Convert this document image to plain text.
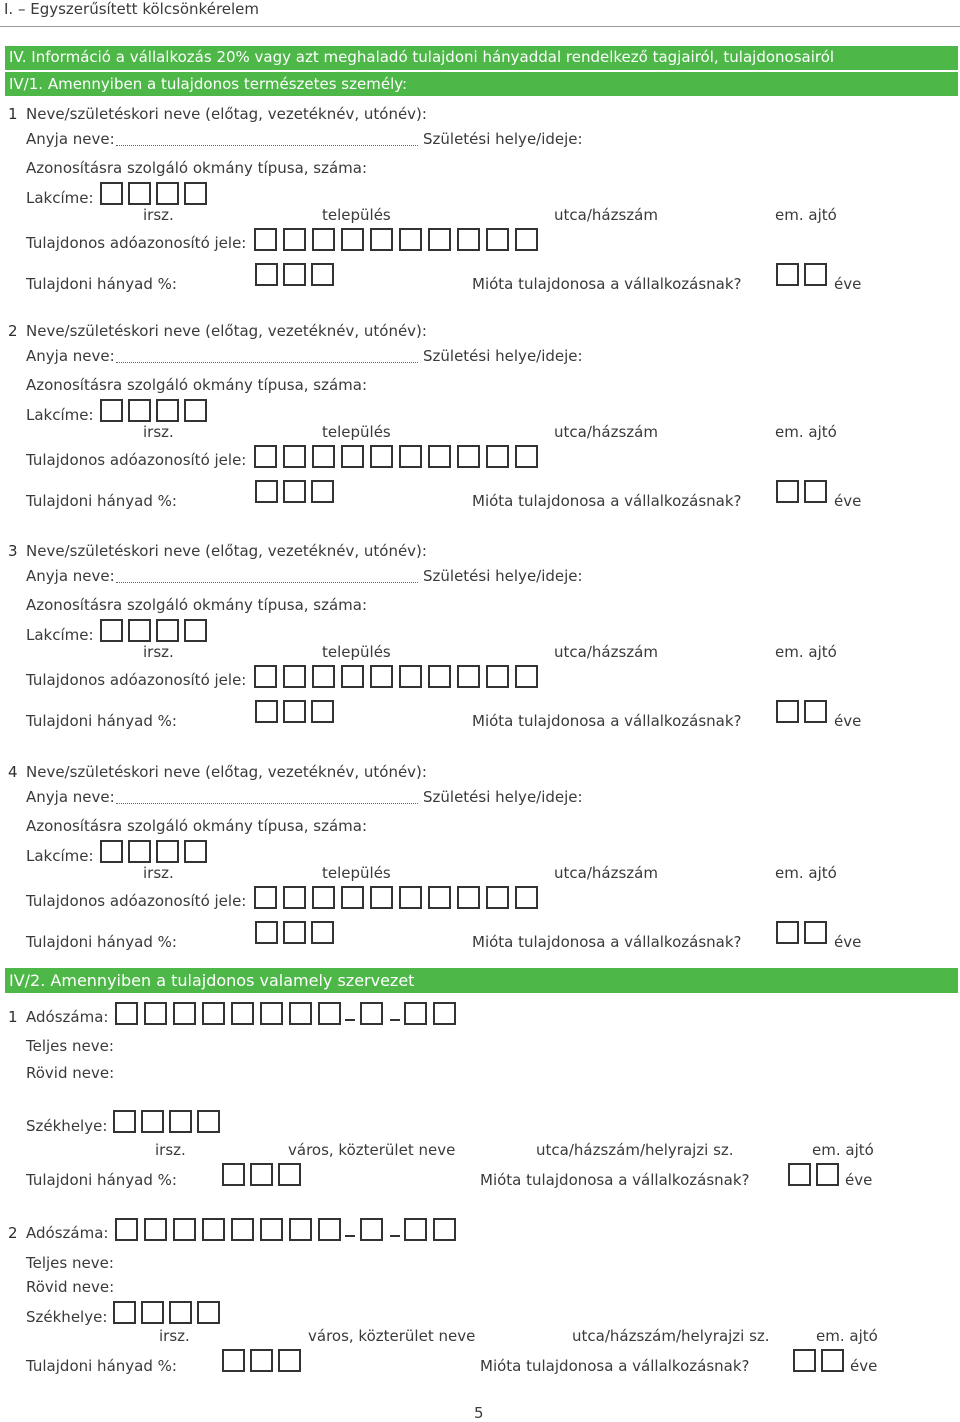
I. – Egyszerűsített kölcsönkérelem
IV. Információ a vállalkozás 20% vagy azt meghaladó tulajdoni hányaddal rendelkező tagjairól, tulajdonosairól
IV/1. Amennyiben a tulajdonos természetes személy:
1 Neve/születéskori neve (előtag, vezetéknév, utónév):
Anyja neve:	Születési helye/ideje:
Azonosításra szolgáló okmány típusa, száma:
Lakcíme:
irsz.	település	utca/házszám	em. ajtó
Tulajdonos adóazonosító jele:
Tulajdoni hányad %:	Mióta tulajdonosa a vállalkozásnak?	éve
2 Neve/születéskori neve (előtag, vezetéknév, utónév):
Anyja neve:	Születési helye/ideje:
Azonosításra szolgáló okmány típusa, száma:
Lakcíme:
irsz.	település	utca/házszám	em. ajtó
Tulajdonos adóazonosító jele:
Tulajdoni hányad %:	Mióta tulajdonosa a vállalkozásnak?	éve
3 Neve/születéskori neve (előtag, vezetéknév, utónév):
Anyja neve:	Születési helye/ideje:
Azonosításra szolgáló okmány típusa, száma:
Lakcíme:
irsz.	település	utca/házszám	em. ajtó
Tulajdonos adóazonosító jele:
Tulajdoni hányad %:	Mióta tulajdonosa a vállalkozásnak?	éve
4 Neve/születéskori neve (előtag, vezetéknév, utónév):
Anyja neve:	Születési helye/ideje:
Azonosításra szolgáló okmány típusa, száma:
Lakcíme:
irsz.	település	utca/házszám	em. ajtó
Tulajdonos adóazonosító jele:
Tulajdoni hányad %:	Mióta tulajdonosa a vállalkozásnak?	éve
IV/2. Amennyiben a tulajdonos valamely szervezet
1 Adószáma:
Teljes neve:
Rövid neve:
Székhelye:
irsz.	város, közterület neve	utca/házszám/helyrajzi sz.	em. ajtó
Tulajdoni hányad %:	Mióta tulajdonosa a vállalkozásnak?	éve
2 Adószáma:
Teljes neve:
Rövid neve:
Székhelye:
irsz.	város, közterület neve	utca/házszám/helyrajzi sz.	em. ajtó
Tulajdoni hányad %:	Mióta tulajdonosa a vállalkozásnak?	éve
5
